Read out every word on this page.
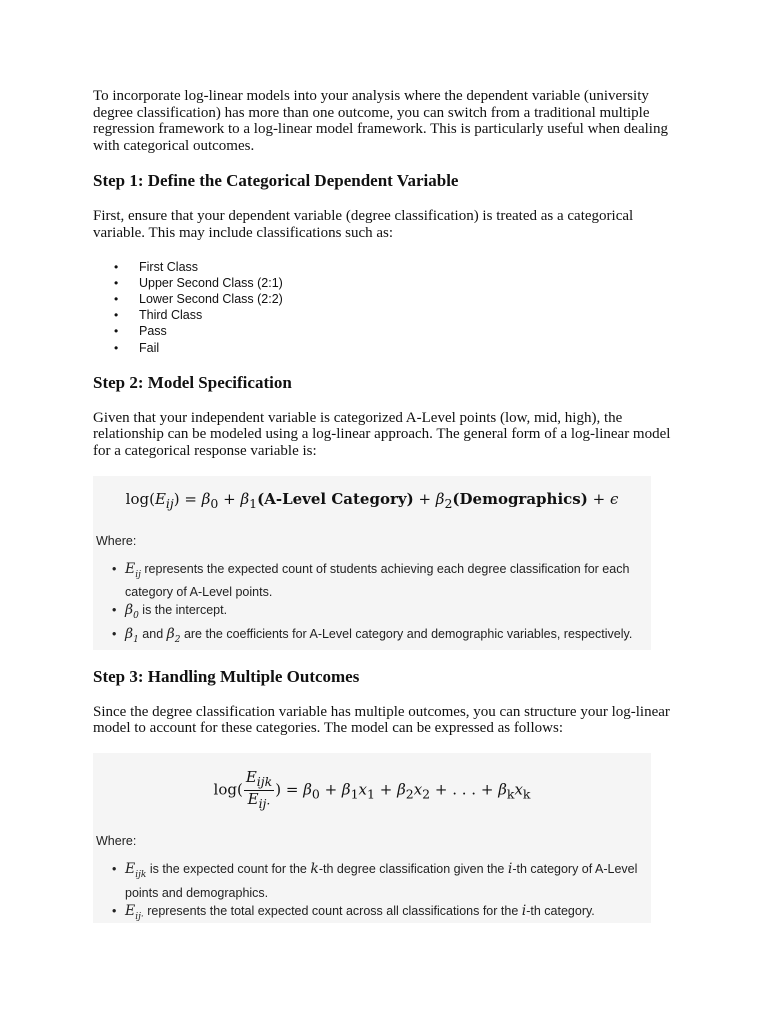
To incorporate log-linear models into your analysis where the dependent variable (university degree classification) has more than one outcome, you can switch from a traditional multiple regression framework to a log-linear model framework. This is particularly useful when dealing with categorical outcomes.

Step 1: Define the Categorical Dependent Variable

First, ensure that your dependent variable (degree classification) is treated as a categorical variable. This may include classifications such as:

• First Class
• Upper Second Class (2:1)
• Lower Second Class (2:2)
• Third Class
• Pass
• Fail
Step 2: Model Specification

Given that your independent variable is categorized A-Level points (low, mid, high), the relationship can be modeled using a log-linear approach. The general form of a log-linear model for a categorical response variable is:

$\log(E_{ij}) = \beta_0$ + $\beta_1(A$-Level Category) + $\beta_2(Demographics) + \epsilon$
Where:
• $E_{ij}$ represents the expected count of students achieving each degree classification for each category of A-Level points.
• $\beta_0$ is the intercept.
• $\beta_1$ and $\beta_2$ are the coefficients for A-Level category and demographic variables, respectively.
Step 3: Handling Multiple Outcomes

Since the degree classification variable has multiple outcomes, you can structure your log-linear model to account for these categories. The model can be expressed as follows:

$\log( \frac{E_{ijk}}{E_{ij\cdot}}$ ) = $\beta_0 + \beta_1x_1 + \beta_2x_2$ + . . . + $\beta_kx_k$
Where:
• $E_{ijk}$ is the expected count for the k-th degree classification given the i-th category of A-Level points and demographics.
• $E_{ij\cdot}$ represents the total expected count across all classifications for the i-th category.
